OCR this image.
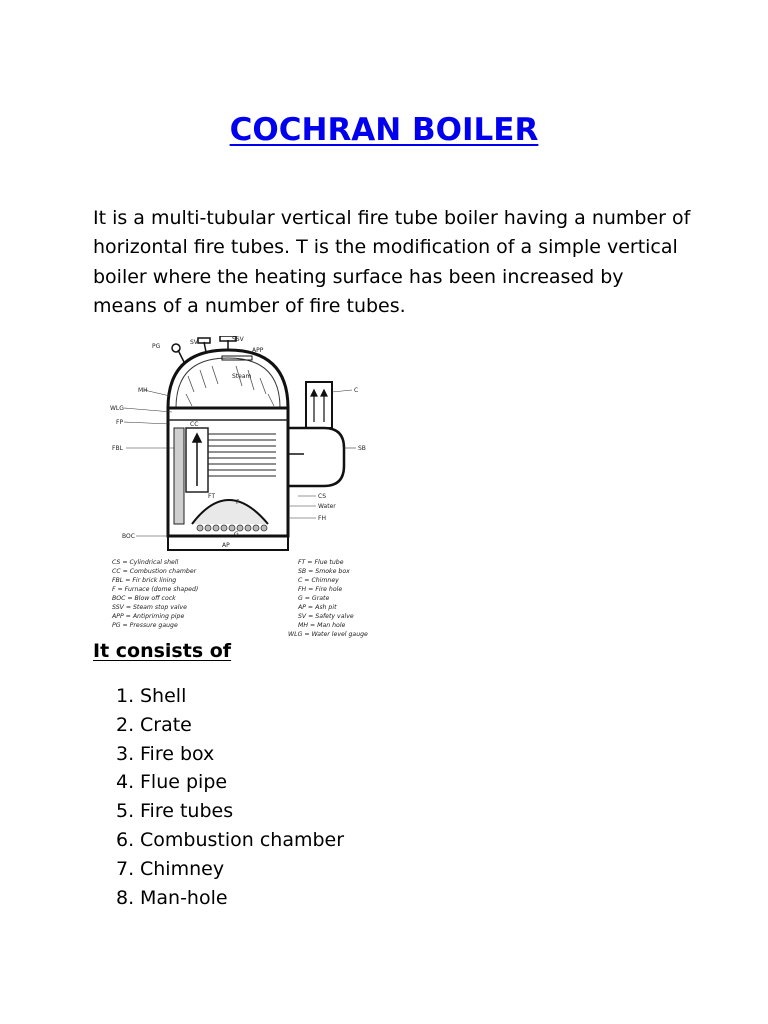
COCHRAN BOILER

It is a multi-tubular vertical fire tube boiler having a number of horizontal fire tubes. T is the modification of a simple vertical boiler where the heating surface has been increased by means of a number of fire tubes.

SSV
SV
PG
APP
Steam
MH
WLG
FP
FBL
C
SB
CC
FT
F
CS
Water
FH
BOC	G
AP
CS = Cylindrical shell
CC = Combustion chamber
FBL = Fir brick lining
F = Furnace (dome shaped)
BOC = Blow off cock
SSV = Steam stop valve
APP = Antipriming pipe
PG = Pressure gauge
FT = Flue tube
SB = Smoke box
C = Chimney
FH = Fire hole
G = Grate
AP = Ash pit
SV = Safety valve
MH = Man hole
WLG = Water level gauge
It consists of
1. Shell
2. Crate
3. Fire box
4. Flue pipe
5. Fire tubes
6. Combustion chamber
7. Chimney
8. Man-hole
